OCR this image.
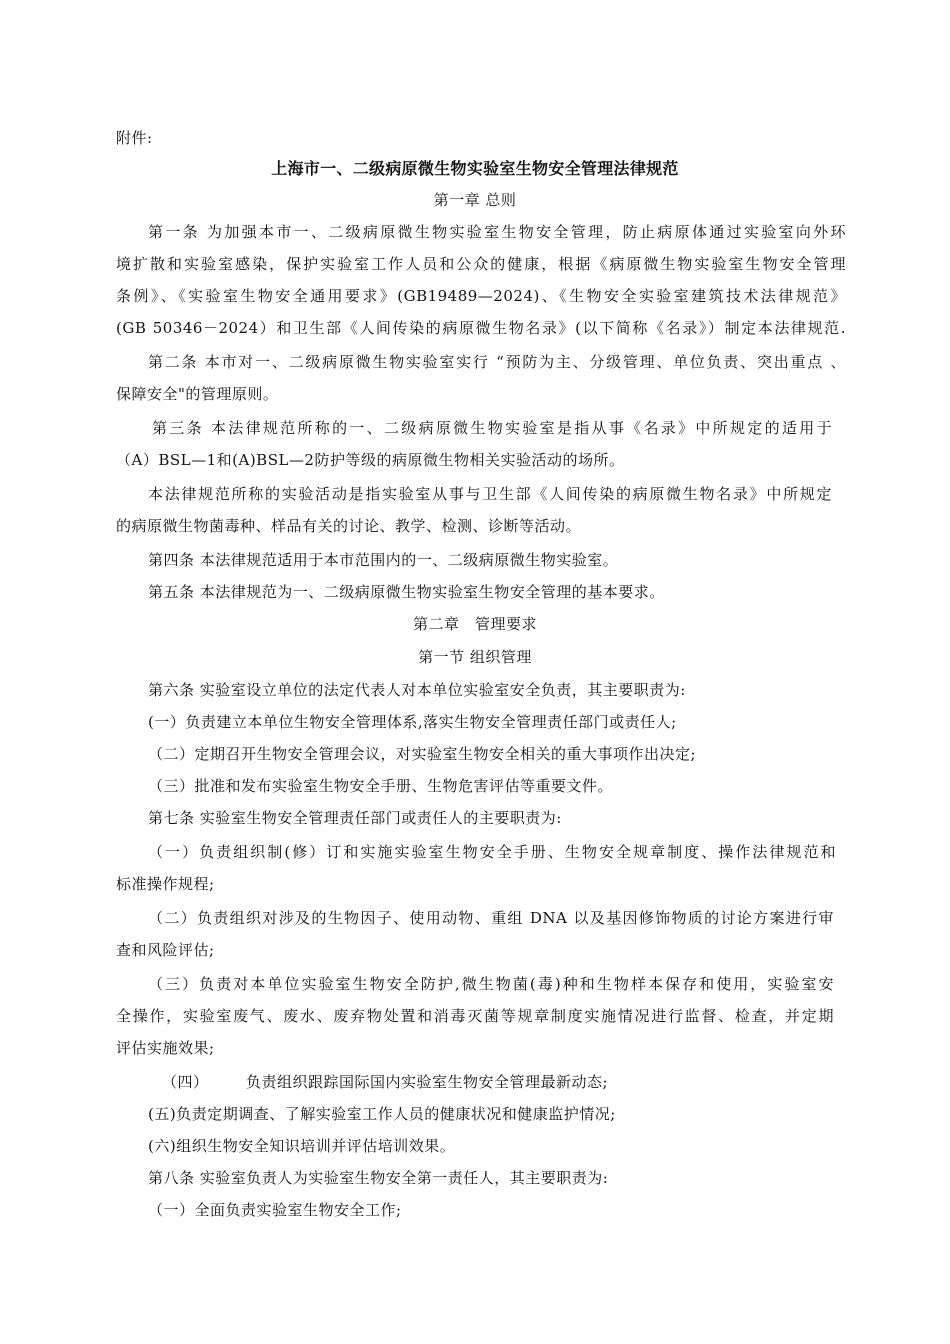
附件:
上海市一、二级病原微生物实验室生物安全管理法律规范
第一章 总则
第一条 为加强本市一、二级病原微生物实验室生物安全管理，防止病原体通过实验室向外环
境扩散和实验室感染，保护实验室工作人员和公众的健康，根据《病原微生物实验室生物安全管理
条例》、《实验室生物安全通用要求》(GB19489—2024)、《生物安全实验室建筑技术法律规范》
(GB 50346－2024）和卫生部《人间传染的病原微生物名录》(以下简称《名录》）制定本法律规范.
第二条 本市对一、二级病原微生物实验室实行 “预防为主、分级管理、单位负责、突出重点 、
保障安全"的管理原则。
第三条 本法律规范所称的一、二级病原微生物实验室是指从事《名录》中所规定的适用于
（A）BSL—1和(A)BSL—2防护等级的病原微生物相关实验活动的场所。
本法律规范所称的实验活动是指实验室从事与卫生部《人间传染的病原微生物名录》中所规定
的病原微生物菌毒种、样品有关的讨论、教学、检测、诊断等活动。
第四条 本法律规范适用于本市范围内的一、二级病原微生物实验室。
第五条 本法律规范为一、二级病原微生物实验室生物安全管理的基本要求。
第二章　管理要求
第一节 组织管理
第六条 实验室设立单位的法定代表人对本单位实验室安全负责，其主要职责为:
(一）负责建立本单位生物安全管理体系,落实生物安全管理责任部门或责任人;
（二）定期召开生物安全管理会议，对实验室生物安全相关的重大事项作出决定;
（三）批准和发布实验室生物安全手册、生物危害评估等重要文件。
第七条 实验室生物安全管理责任部门或责任人的主要职责为:
（一）负责组织制(修）订和实施实验室生物安全手册、生物安全规章制度、操作法律规范和
标准操作规程;
（二）负责组织对涉及的生物因子、使用动物、重组 DNA 以及基因修饰物质的讨论方案进行审
查和风险评估;
（三）负责对本单位实验室生物安全防护,微生物菌(毒)种和生物样本保存和使用，实验室安
全操作，实验室废气、废水、废弃物处置和消毒灭菌等规章制度实施情况进行监督、检查，并定期
评估实施效果;
（四）	负责组织跟踪国际国内实验室生物安全管理最新动态;
(五)负责定期调查、了解实验室工作人员的健康状况和健康监护情况;
(六)组织生物安全知识培训并评估培训效果。
第八条 实验室负责人为实验室生物安全第一责任人，其主要职责为:
（一）全面负责实验室生物安全工作;
